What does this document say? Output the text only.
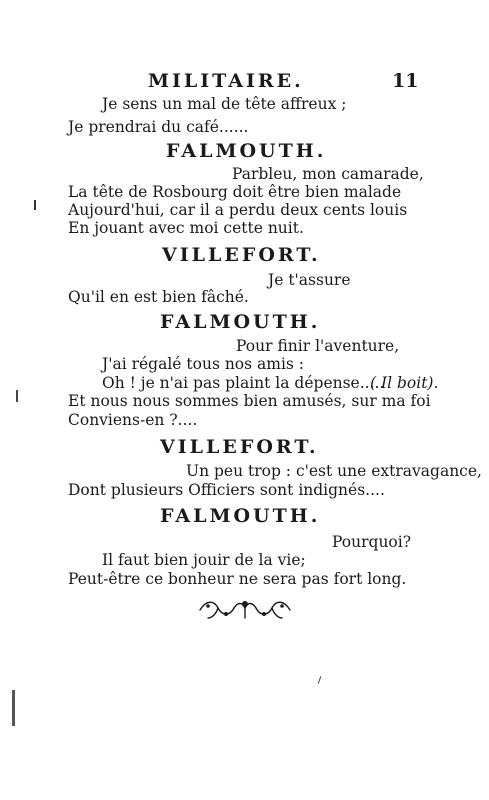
MILITAIRE.	11
Je sens un mal de tête affreux ;
Je prendrai du café......
FALMOUTH.
Parbleu, mon camarade,
La tête de Rosbourg doit être bien malade
Aujourd'hui, car il a perdu deux cents louis
En jouant avec moi cette nuit.
VILLEFORT.
Je t'assure
Qu'il en est bien fâché.
FALMOUTH.
Pour finir l'aventure,
J'ai régalé tous nos amis :
Oh ! je n'ai pas plaint la dépense.....
( Il boit).
Et nous nous sommes bien amusés, sur ma foi
Conviens-en ?....
VILLEFORT.
Un peu trop : c'est une extravagance,
Dont plusieurs Officiers sont indignés....
FALMOUTH.
Pourquoi?
Il faut bien jouir de la vie;
Peut-être ce bonheur ne sera pas fort long.
